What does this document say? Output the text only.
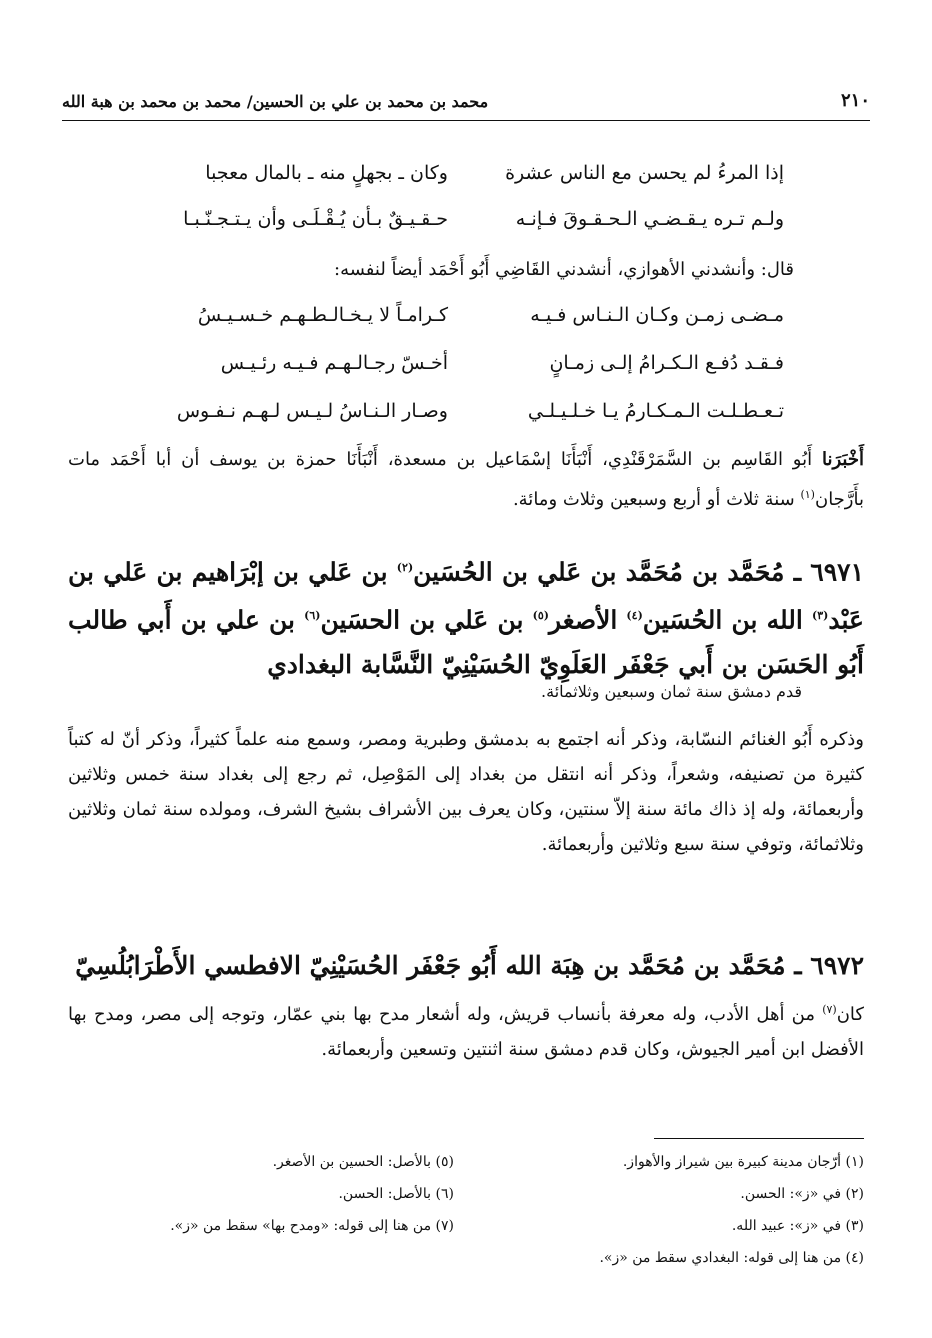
٢١٠
محمد بن محمد بن علي بن الحسين/ محمد بن محمد بن هبة الله
إذا المرءُ لم يحسن مع الناس عشرة
وكان ـ بجهلٍ منه ـ بالمال معجبا
ولـم تـره يـقـضـي الـحـقـوقَ فـإنـه
حـقـيـقٌ بـأن يُـقْـلَـى وأن يـتـجـنّـبـا
قال: وأنشدني الأهوازي، أنشدني القَاضِي أَبُو أَحْمَد أيضاً لنفسه:
مـضـى زمـن وكـان الـنـاس فـيـه
كـرامـاً لا يـخـالـطـهـم خـسـيـسُ
فـقـد دُفـع الـكـرامُ إلـى زمـانٍ
أخـسّ رجـالـهـم فـيـه رئـيـس
تـعـطـلـت الـمـكـارمُ يـا خـلـيـلـي
وصـار الـنـاسُ لـيـس لـهـم نـفـوس
أَخْبَرَنا أَبُو القَاسِم بن السَّمَرْقَنْدِي، أَنْبَأَنَا إسْمَاعيل بن مسعدة، أَنْبَأَنَا حمزة بن يوسف أن أبا أَحْمَد مات بأَرَّجان$^{(١)}$ سنة ثلاث أو أربع وسبعين وثلاث ومائة.
٦٩٧١ ـ مُحَمَّد بن مُحَمَّد بن عَلي بن الحُسَين$^{(٢)}$ بن عَلي بن إبْرَاهيم بن عَلي بن عَبْد$^{(٣)}$ الله بن الحُسَين$^{(٤)}$ الأصغر$^{(٥)}$ بن عَلي بن الحسَين$^{(٦)}$ بن علي بن أَبي طالب أَبُو الحَسَن بن أَبي جَعْفَر العَلَوِيّ الحُسَيْنِيّ النَّسَّابة البغدادي
قدم دمشق سنة ثمان وسبعين وثلاثمائة.
وذكره أَبُو الغنائم النسّابة، وذكر أنه اجتمع به بدمشق وطبرية ومصر، وسمع منه علماً كثيراً، وذكر أنّ له كتباً كثيرة من تصنيفه، وشعراً، وذكر أنه انتقل من بغداد إلى المَوْصِل، ثم رجع إلى بغداد سنة خمس وثلاثين وأربعمائة، وله إذ ذاك مائة سنة إلاّ سنتين، وكان يعرف بين الأشراف بشيخ الشرف، ومولده سنة ثمان وثلاثين وثلاثمائة، وتوفي سنة سبع وثلاثين وأربعمائة.
٦٩٧٢ ـ مُحَمَّد بن مُحَمَّد بن هِبَة الله أَبُو جَعْفَر الحُسَيْنِيّ الافطسي الأَطْرَابُلُسِيّ
كان$^{(٧)}$ من أهل الأدب، وله معرفة بأنساب قريش، وله أشعار مدح بها بني عمّار، وتوجه إلى مصر، ومدح بها الأفضل ابن أمير الجيوش، وكان قدم دمشق سنة اثنتين وتسعين وأربعمائة.
(١) أرّجان مدينة كبيرة بين شيراز والأهواز.
(٢) في «ز»: الحسن.
(٣) في «ز»: عبيد الله.
(٤) من هنا إلى قوله: البغدادي سقط من «ز».
(٥) بالأصل: الحسين بن الأصغر.
(٦) بالأصل: الحسن.
(٧) من هنا إلى قوله: «ومدح بها» سقط من «ز».
